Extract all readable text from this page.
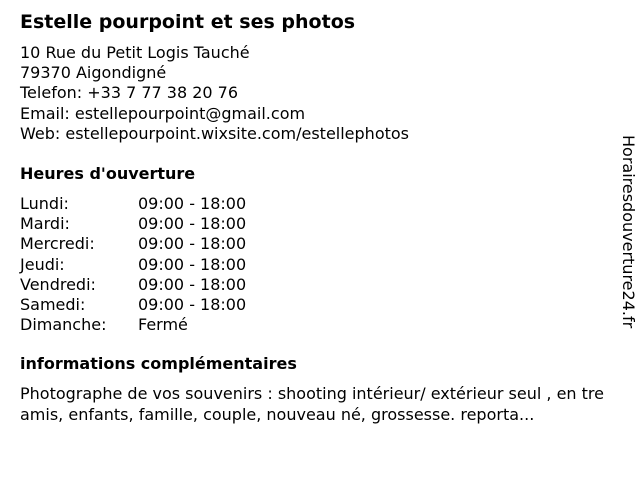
Estelle pourpoint et ses photos
10 Rue du Petit Logis Tauché
79370 Aigondigné
Telefon: +33 7 77 38 20 76
Email: estellepourpoint@gmail.com
Web: estellepourpoint.wixsite.com/estellephotos
Heures d'ouverture
Lundi:	09:00 - 18:00
Mardi:	09:00 - 18:00
Mercredi:	09:00 - 18:00
Jeudi:	09:00 - 18:00
Vendredi:	09:00 - 18:00
Samedi:	09:00 - 18:00
Dimanche: Fermé
informations complémentaires
Photographe de vos souvenirs : shooting intérieur/ extérieur seul , en tre amis, enfants, famille, couple, nouveau né, grossesse. reporta...
Horairesdouverture24.fr
